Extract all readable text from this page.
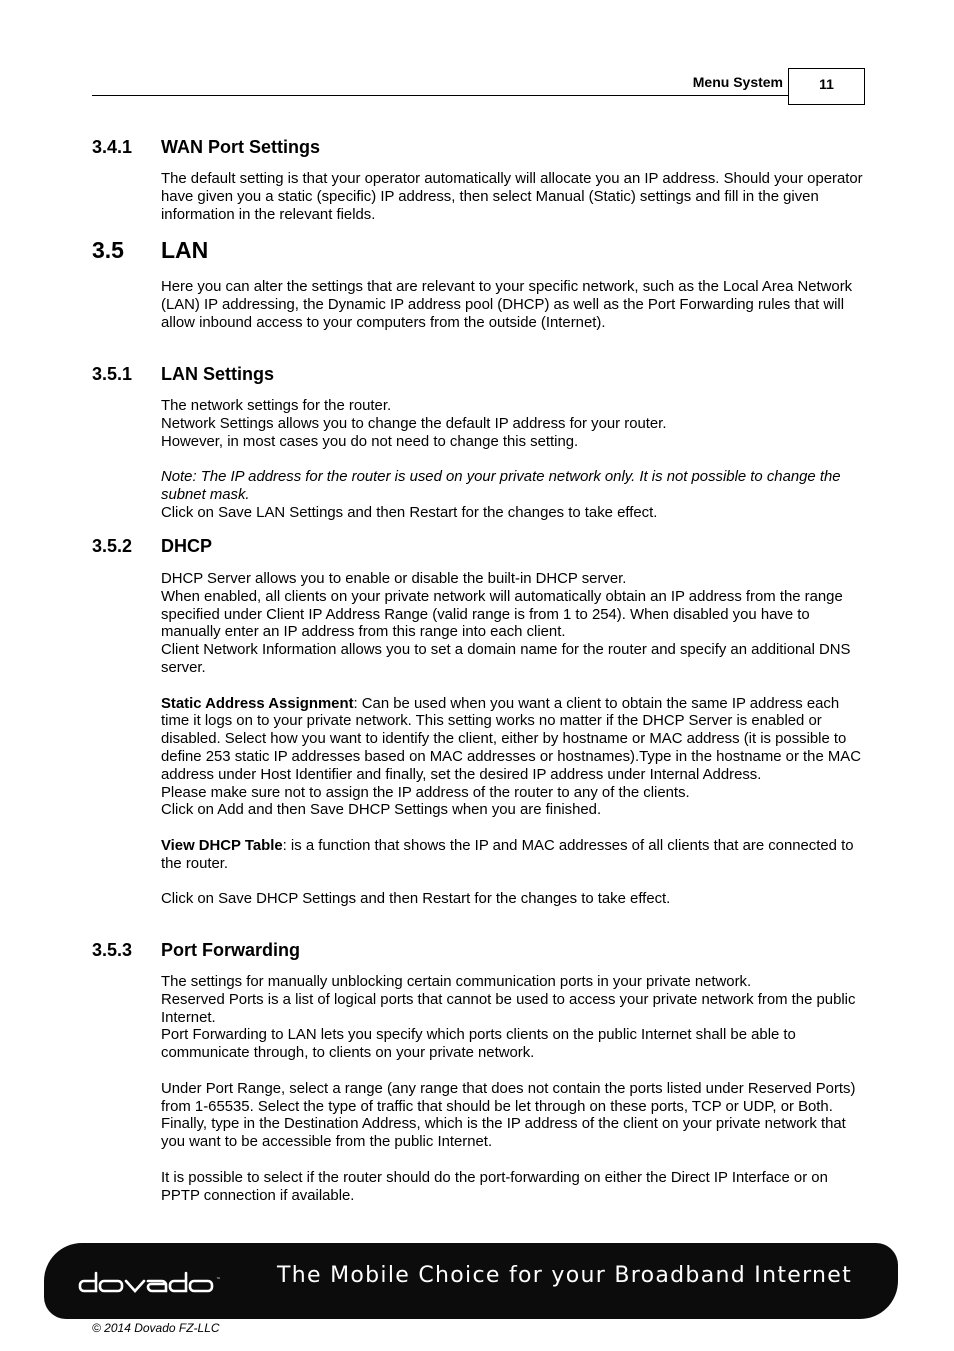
Menu System	11
3.4.1 WAN Port Settings

The default setting is that your operator automatically will allocate you an IP address. Should your operator have given you a static (specific) IP address, then select Manual (Static) settings and fill in the given information in the relevant fields.

3.5 LAN

Here you can alter the settings that are relevant to your specific network, such as the Local Area Network (LAN) IP addressing, the Dynamic IP address pool (DHCP) as well as the Port Forwarding rules that will allow inbound access to your computers from the outside (Internet).

3.5.1 LAN Settings

The network settings for the router.

Network Settings allows you to change the default IP address for your router.

However, in most cases you do not need to change this setting.

Note: The IP address for the router is used on your private network only. It is not possible to change the subnet mask.

Click on Save LAN Settings and then Restart for the changes to take effect.

3.5.2 DHCP

DHCP Server allows you to enable or disable the built-in DHCP server.

When enabled, all clients on your private network will automatically obtain an IP address from the range specified under Client IP Address Range (valid range is from 1 to 254). When disabled you have to manually enter an IP address from this range into each client.

Client Network Information allows you to set a domain name for the router and specify an additional DNS server.

Static Address Assignment: Can be used when you want a client to obtain the same IP address each time it logs on to your private network. This setting works no matter if the DHCP Server is enabled or disabled. Select how you want to identify the client, either by hostname or MAC address (it is possible to define 253 static IP addresses based on MAC addresses or hostnames).Type in the hostname or the MAC address under Host Identifier and finally, set the desired IP address under Internal Address.

Please make sure not to assign the IP address of the router to any of the clients.

Click on Add and then Save DHCP Settings when you are finished.

View DHCP Table: is a function that shows the IP and MAC addresses of all clients that are connected to the router.

Click on Save DHCP Settings and then Restart for the changes to take effect.

3.5.3 Port Forwarding

The settings for manually unblocking certain communication ports in your private network.

Reserved Ports is a list of logical ports that cannot be used to access your private network from the public Internet.

Port Forwarding to LAN lets you specify which ports clients on the public Internet shall be able to communicate through, to clients on your private network.

Under Port Range, select a range (any range that does not contain the ports listed under Reserved Ports) from 1-65535. Select the type of traffic that should be let through on these ports, TCP or UDP, or Both. Finally, type in the Destination Address, which is the IP address of the client on your private network that you want to be accessible from the public Internet.

It is possible to select if the router should do the port-forwarding on either the Direct IP Interface or on PPTP connection if available.

™	The Mobile Choice for your Broadband Internet
© 2014 Dovado FZ-LLC
